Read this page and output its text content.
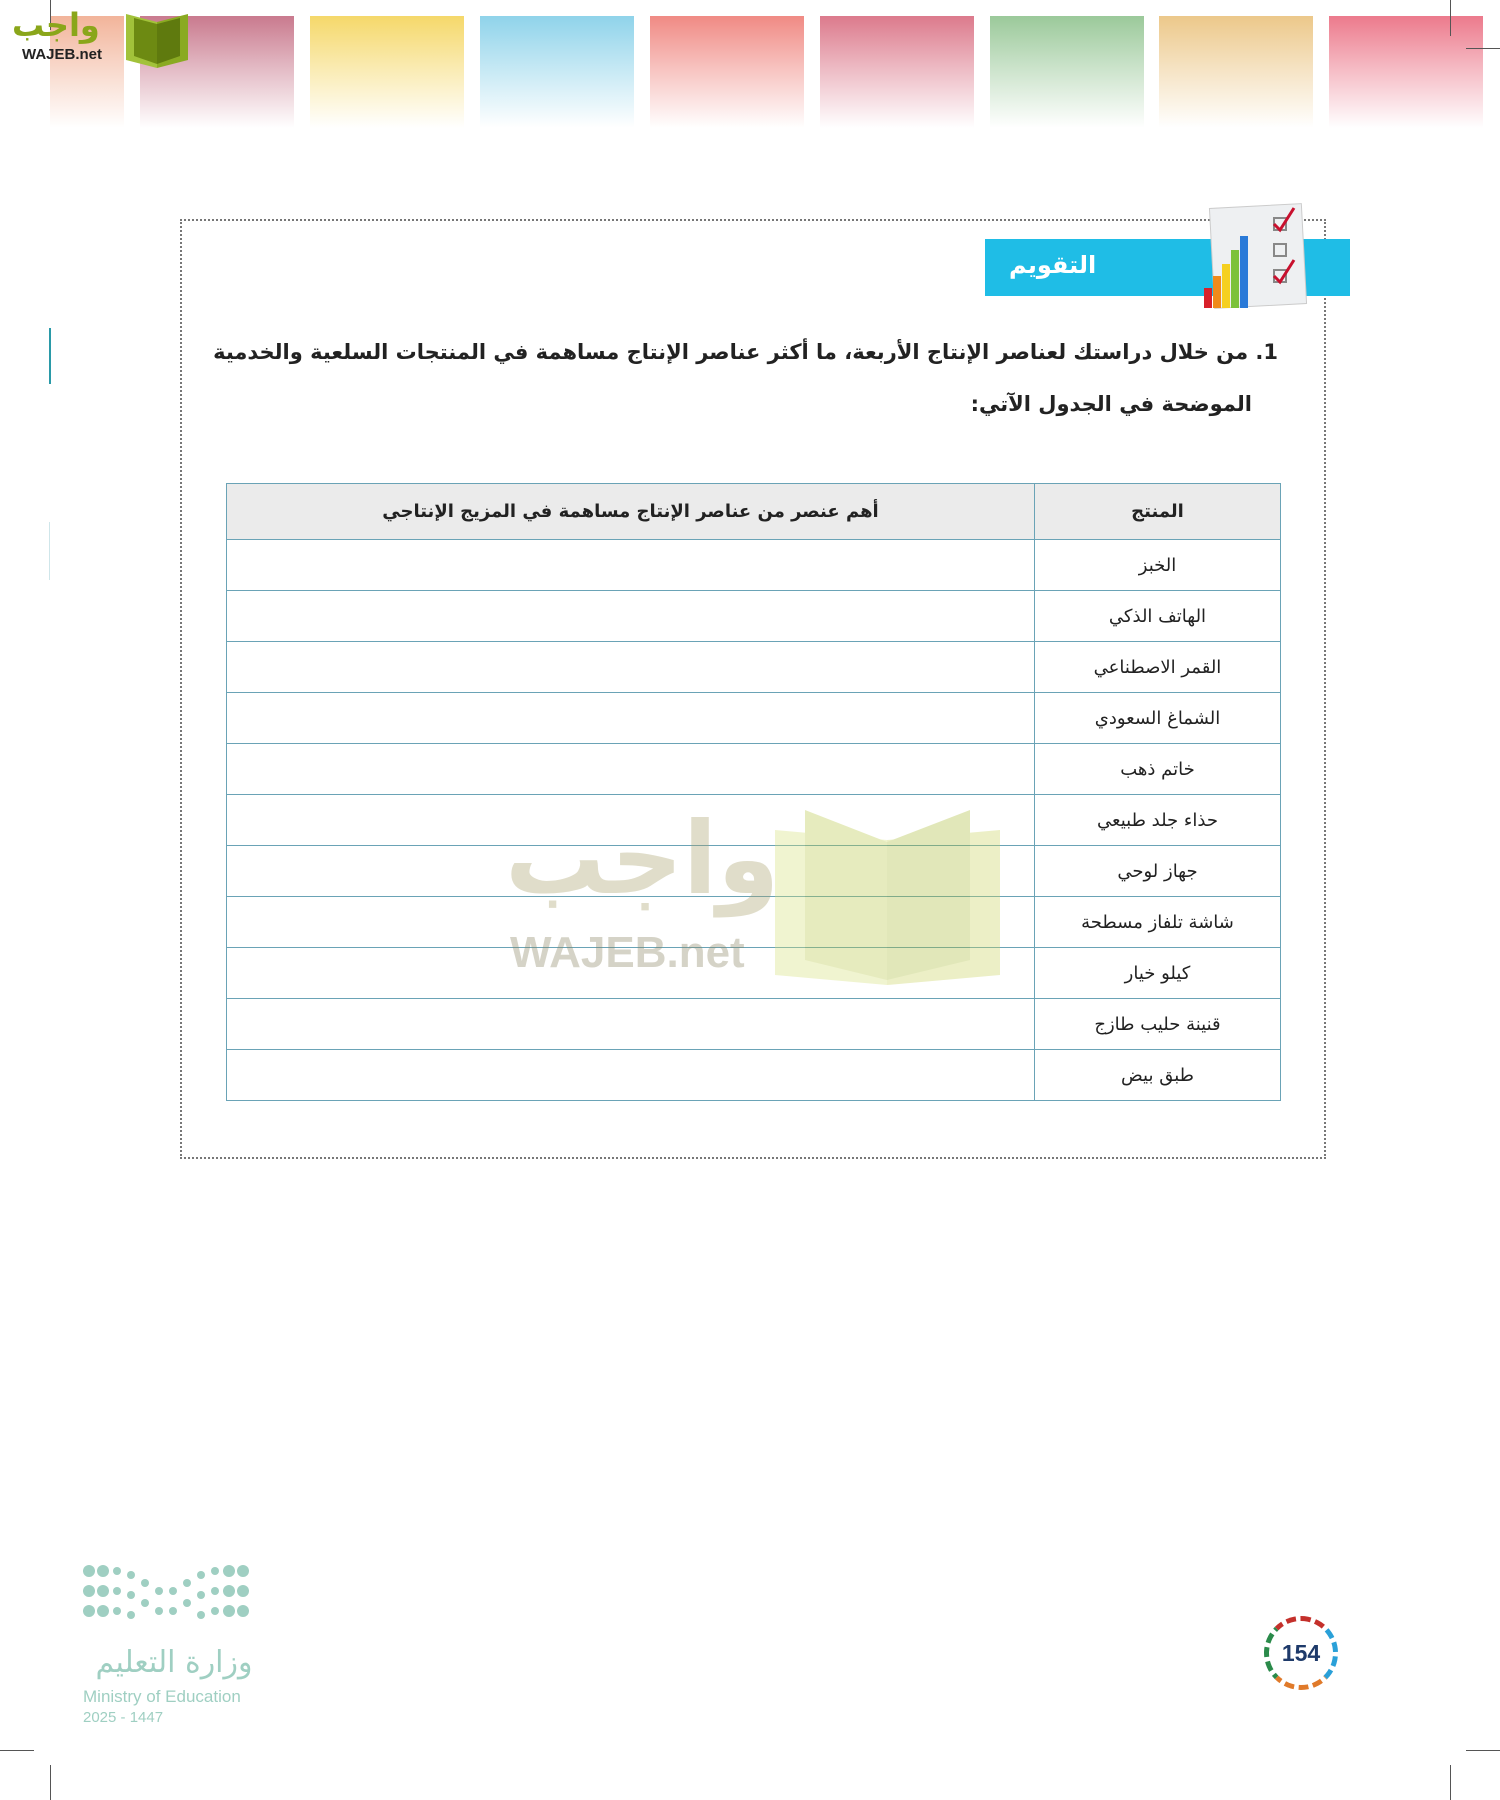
واجب
WAJEB.net
التقويم
1. من خلال دراستك لعناصر الإنتاج الأربعة، ما أكثر عناصر الإنتاج مساهمة في المنتجات السلعية والخدمية
الموضحة في الجدول الآتي:
المنتج	أهم عنصر من عناصر الإنتاج مساهمة في المزيج الإنتاجي
الخبز	
الهاتف الذكي	
القمر الاصطناعي	
الشماغ السعودي	
خاتم ذهب	
حذاء جلد طبيعي	
جهاز لوحي	
شاشة تلفاز مسطحة	
كيلو خيار	
قنينة حليب طازج	
طبق بيض	
واجب
WAJEB.net
وزارة التعليم
Ministry of Education
2025 - 1447
154
